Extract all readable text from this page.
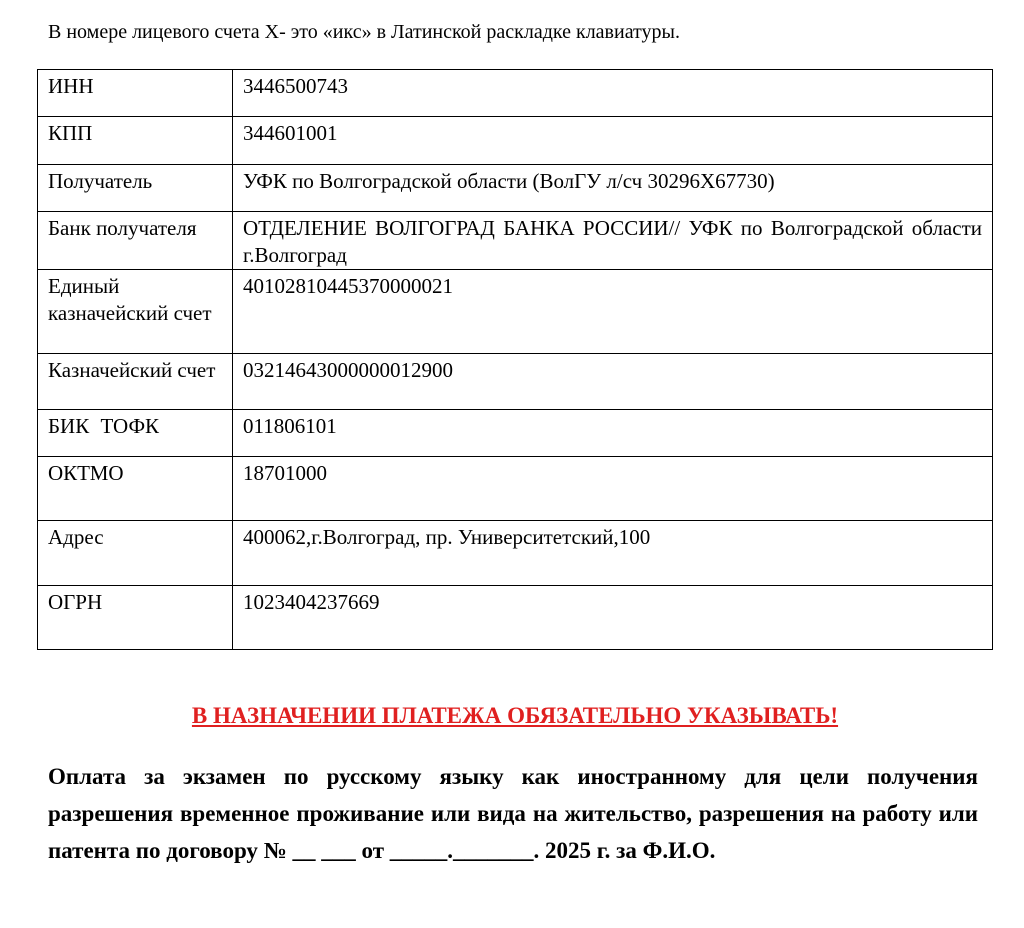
В номере лицевого счета Х- это «икс» в Латинской раскладке клавиатуры.
ИНН	3446500743
КПП	344601001
Получатель	УФК по Волгоградской области (ВолГУ л/сч 30296Х67730)
Банк получателя	ОТДЕЛЕНИЕ ВОЛГОГРАД БАНКА РОССИИ// УФК по Волгоградской области г.Волгоград
Единый казначейский счет	40102810445370000021
Казначейский счет	03214643000000012900
БИК ТОФК	011806101
ОКТМО	18701000
Адрес	400062,г.Волгоград, пр. Университетский,100
ОГРН	1023404237669
В НАЗНАЧЕНИИ ПЛАТЕЖА ОБЯЗАТЕЛЬНО УКАЗЫВАТЬ!
Оплата за экзамен по русскому языку как иностранному для цели получения разрешения временное проживание или вида на жительство, разрешения на работу или патента по договору № __ ___ от _____._______. 2025 г. за Ф.И.О.
